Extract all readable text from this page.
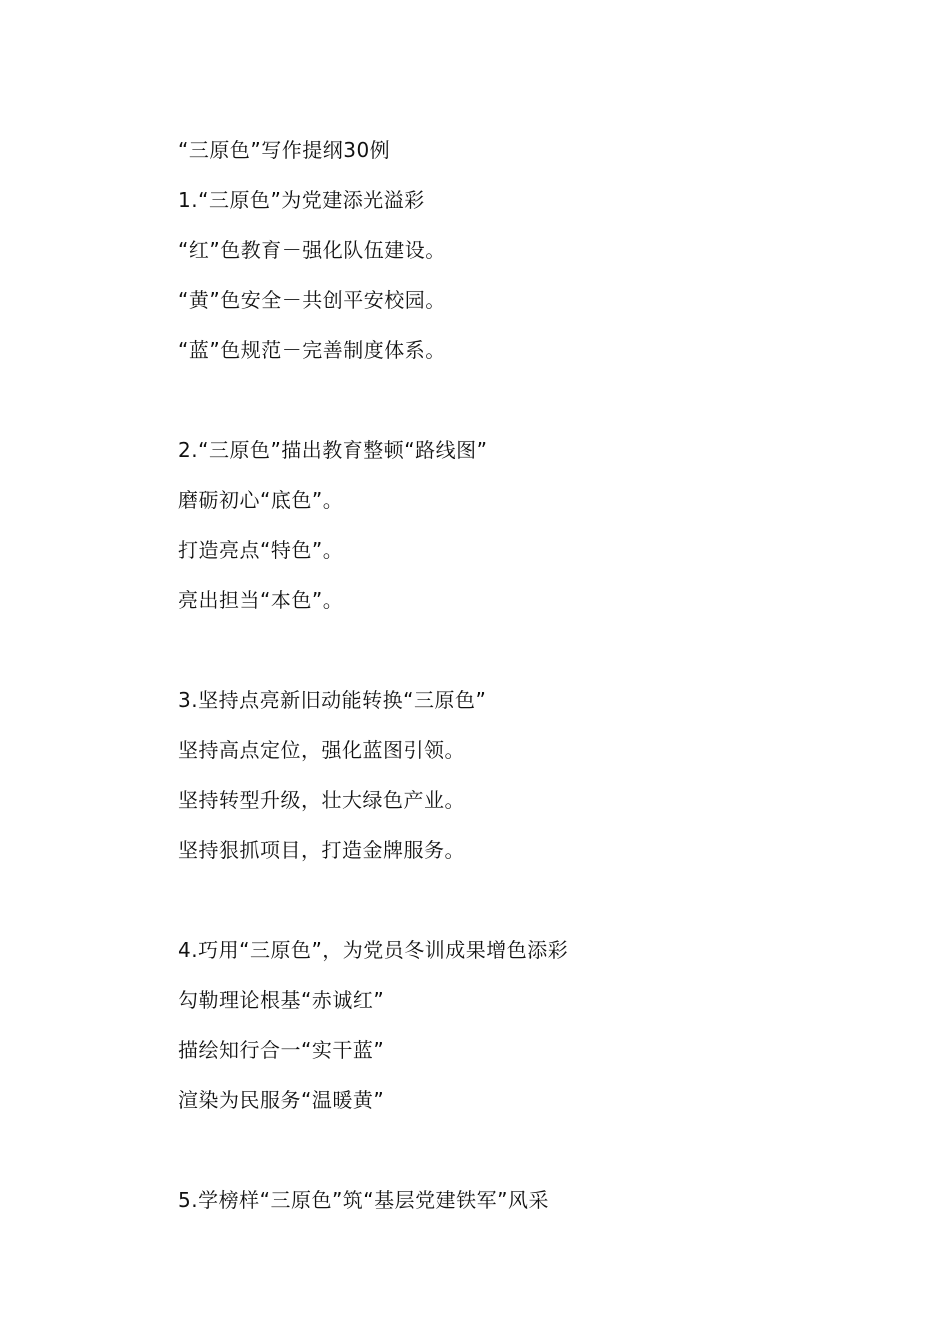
“三原色”写作提纲30例
1.“三原色”为党建添光溢彩
“红”色教育－强化队伍建设。
“黄”色安全－共创平安校园。
“蓝”色规范－完善制度体系。
2.“三原色”描出教育整顿“路线图”
磨砺初心“底色”。
打造亮点“特色”。
亮出担当“本色”。
3.坚持点亮新旧动能转换“三原色”
坚持高点定位，强化蓝图引领。
坚持转型升级，壮大绿色产业。
坚持狠抓项目，打造金牌服务。
4.巧用“三原色”，为党员冬训成果增色添彩
勾勒理论根基“赤诚红”
描绘知行合一“实干蓝”
渲染为民服务“温暖黄”
5.学榜样“三原色”筑“基层党建铁军”风采
